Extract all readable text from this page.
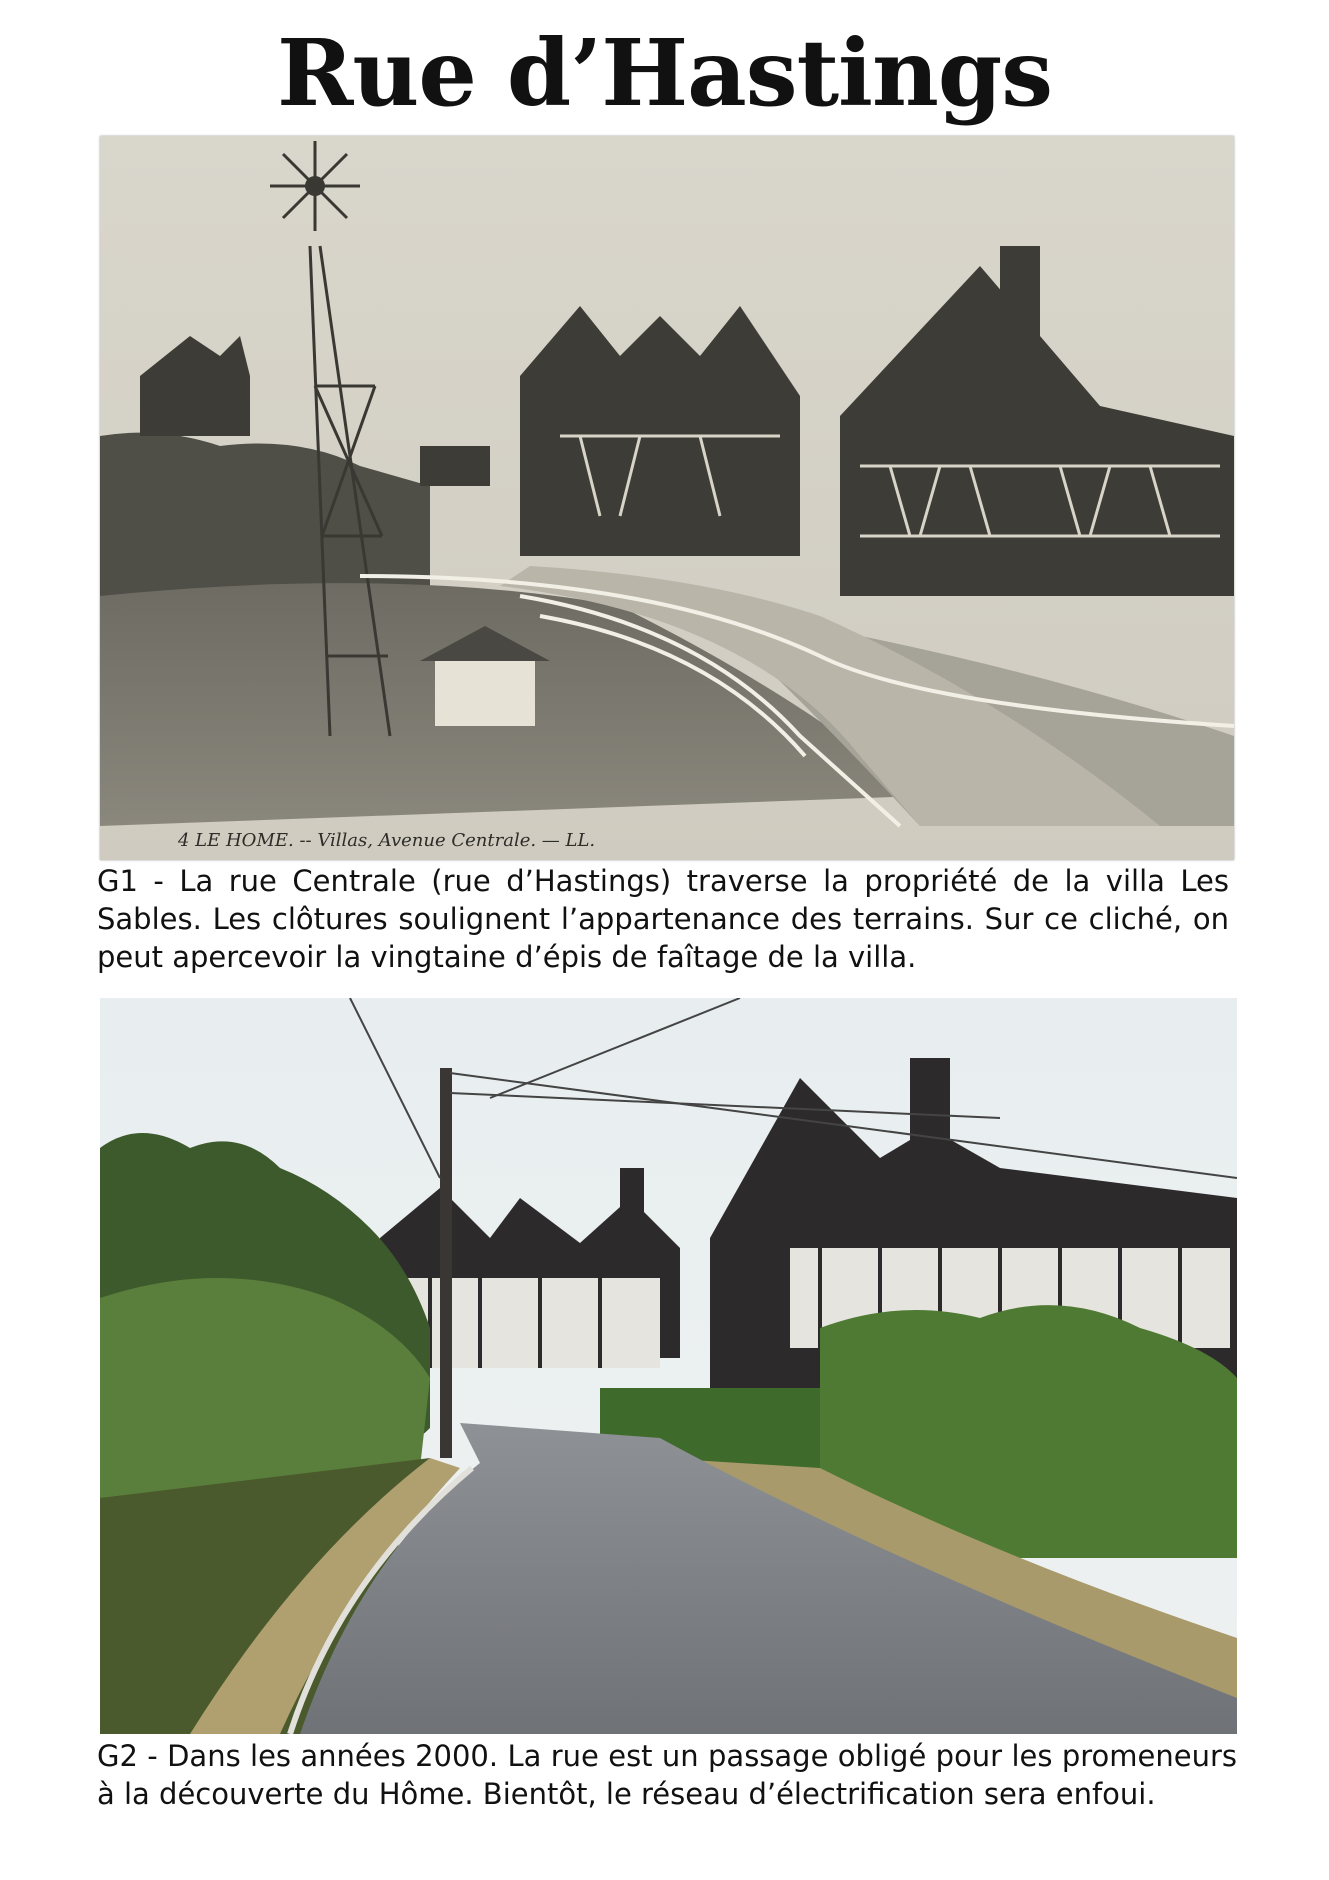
Rue d’Hastings
4 LE HOME. -- Villas, Avenue Centrale. — LL.
G1 - La rue Centrale (rue d’Hastings) traverse la propriété de la villa Les Sables. Les clôtures soulignent l’appartenance des terrains. Sur ce cliché, on peut apercevoir la vingtaine d’épis de faîtage de la villa.
G2 - Dans les années 2000. La rue est un passage obligé pour les promeneurs à la découverte du Hôme. Bientôt, le réseau d’électrification sera enfoui.
